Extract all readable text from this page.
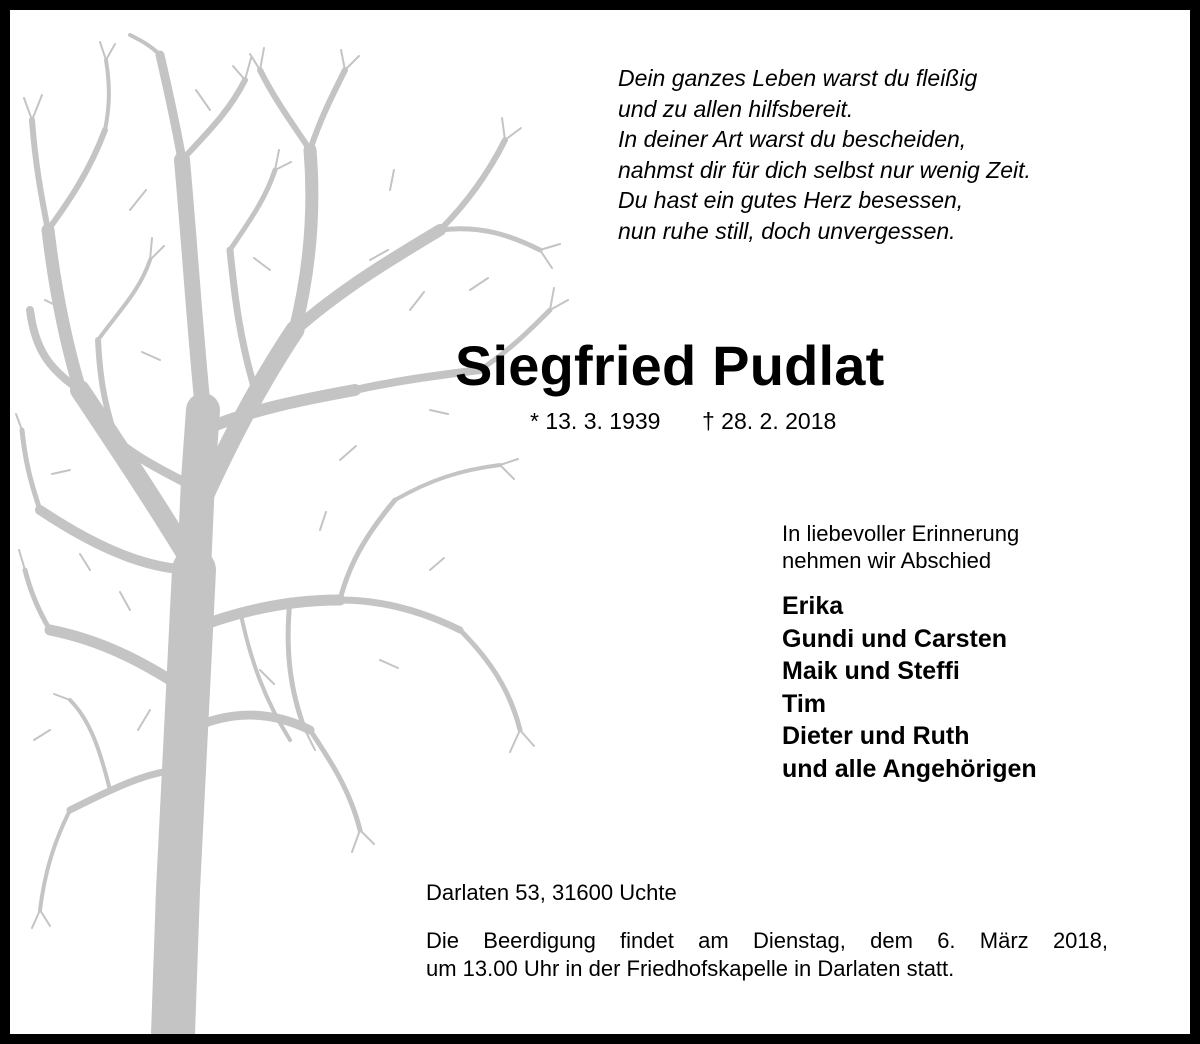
Dein ganzes Leben warst du fleißig
und zu allen hilfsbereit.
In deiner Art warst du bescheiden,
nahmst dir für dich selbst nur wenig Zeit.
Du hast ein gutes Herz besessen,
nun ruhe still, doch unvergessen.
Siegfried Pudlat
* 13. 3. 1939 † 28. 2. 2018
In liebevoller Erinnerung
nehmen wir Abschied
Erika
Gundi und Carsten
Maik und Steffi
Tim
Dieter und Ruth
und alle Angehörigen
Darlaten 53, 31600 Uchte
Die Beerdigung findet am Dienstag, dem 6. März 2018,
um 13.00 Uhr in der Friedhofskapelle in Darlaten statt.
